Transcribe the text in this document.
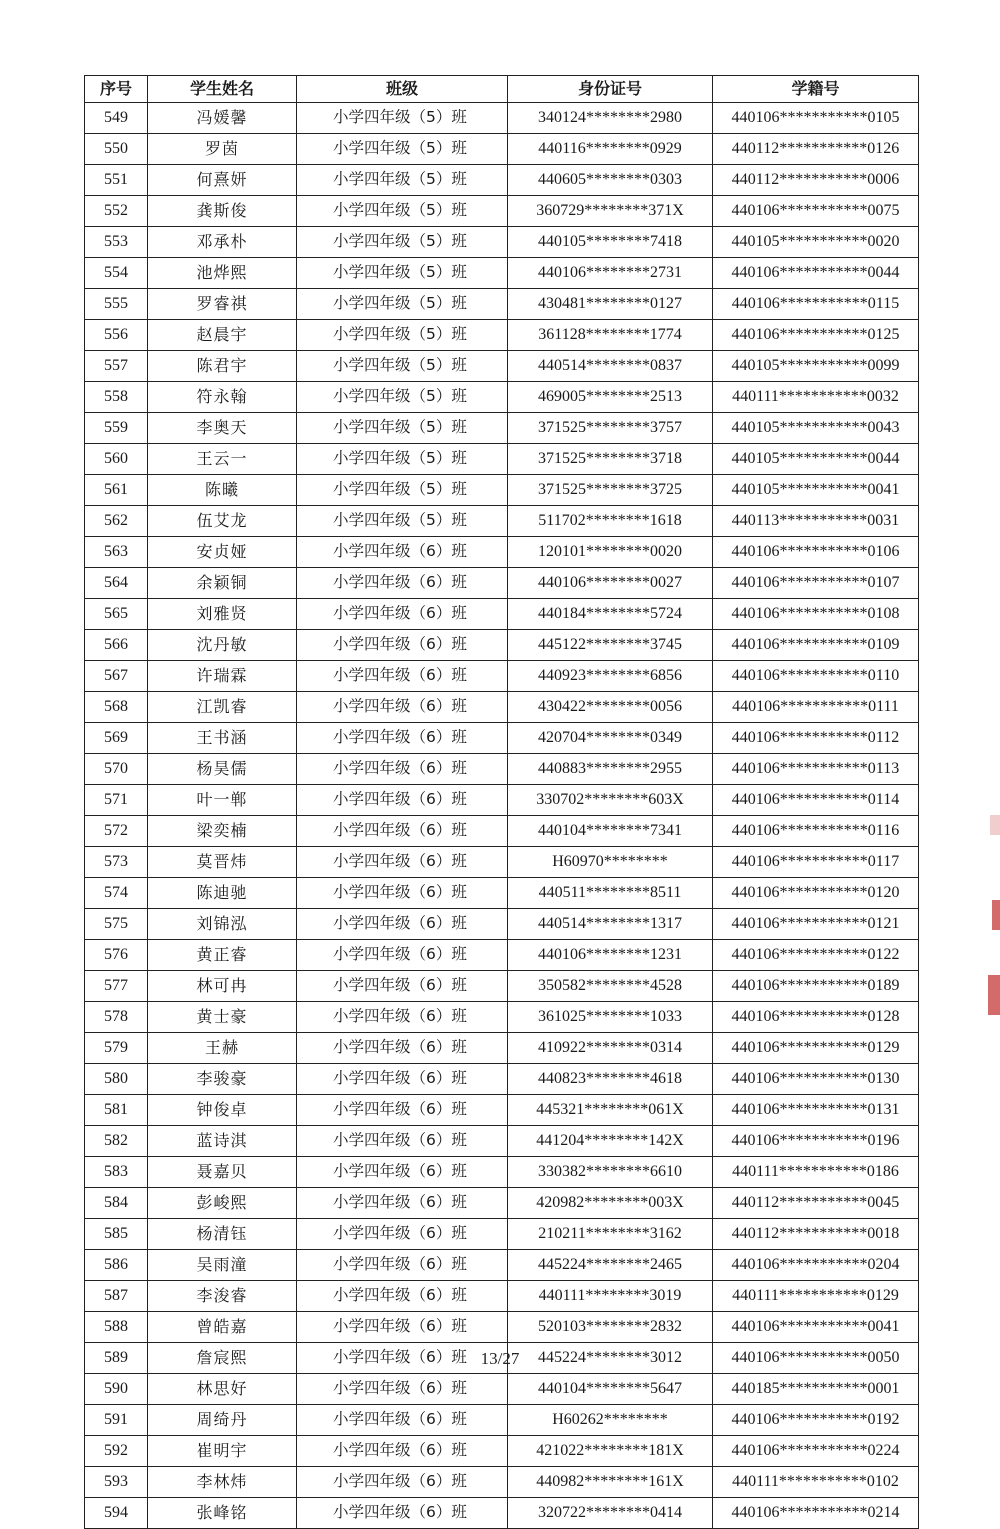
序号	学生姓名	班级	身份证号	学籍号
549	冯媛馨	小学四年级（5）班	340124********2980	440106***********0105
550	罗茵	小学四年级（5）班	440116********0929	440112***********0126
551	何熹妍	小学四年级（5）班	440605********0303	440112***********0006
552	龚斯俊	小学四年级（5）班	360729********371X	440106***********0075
553	邓承朴	小学四年级（5）班	440105********7418	440105***********0020
554	池烨熙	小学四年级（5）班	440106********2731	440106***********0044
555	罗睿祺	小学四年级（5）班	430481********0127	440106***********0115
556	赵晨宇	小学四年级（5）班	361128********1774	440106***********0125
557	陈君宇	小学四年级（5）班	440514********0837	440105***********0099
558	符永翰	小学四年级（5）班	469005********2513	440111***********0032
559	李奥天	小学四年级（5）班	371525********3757	440105***********0043
560	王云一	小学四年级（5）班	371525********3718	440105***********0044
561	陈曦	小学四年级（5）班	371525********3725	440105***********0041
562	伍艾龙	小学四年级（5）班	511702********1618	440113***********0031
563	安贞娅	小学四年级（6）班	120101********0020	440106***********0106
564	余颖铜	小学四年级（6）班	440106********0027	440106***********0107
565	刘雅贤	小学四年级（6）班	440184********5724	440106***********0108
566	沈丹敏	小学四年级（6）班	445122********3745	440106***********0109
567	许瑞霖	小学四年级（6）班	440923********6856	440106***********0110
568	江凯睿	小学四年级（6）班	430422********0056	440106***********0111
569	王书涵	小学四年级（6）班	420704********0349	440106***********0112
570	杨昊儒	小学四年级（6）班	440883********2955	440106***********0113
571	叶一郸	小学四年级（6）班	330702********603X	440106***********0114
572	梁奕楠	小学四年级（6）班	440104********7341	440106***********0116
573	莫晋炜	小学四年级（6）班	H60970********	440106***********0117
574	陈迪驰	小学四年级（6）班	440511********8511	440106***********0120
575	刘锦泓	小学四年级（6）班	440514********1317	440106***********0121
576	黄正睿	小学四年级（6）班	440106********1231	440106***********0122
577	林可冉	小学四年级（6）班	350582********4528	440106***********0189
578	黄士豪	小学四年级（6）班	361025********1033	440106***********0128
579	王赫	小学四年级（6）班	410922********0314	440106***********0129
580	李骏豪	小学四年级（6）班	440823********4618	440106***********0130
581	钟俊卓	小学四年级（6）班	445321********061X	440106***********0131
582	蓝诗淇	小学四年级（6）班	441204********142X	440106***********0196
583	聂嘉贝	小学四年级（6）班	330382********6610	440111***********0186
584	彭峻熙	小学四年级（6）班	420982********003X	440112***********0045
585	杨清钰	小学四年级（6）班	210211********3162	440112***********0018
586	吴雨潼	小学四年级（6）班	445224********2465	440106***********0204
587	李浚睿	小学四年级（6）班	440111********3019	440111***********0129
588	曾皓嘉	小学四年级（6）班	520103********2832	440106***********0041
589	詹宸熙	小学四年级（6）班	445224********3012	440106***********0050
590	林思好	小学四年级（6）班	440104********5647	440185***********0001
591	周绮丹	小学四年级（6）班	H60262********	440106***********0192
592	崔明宇	小学四年级（6）班	421022********181X	440106***********0224
593	李林炜	小学四年级（6）班	440982********161X	440111***********0102
594	张峰铭	小学四年级（6）班	320722********0414	440106***********0214
13/27
